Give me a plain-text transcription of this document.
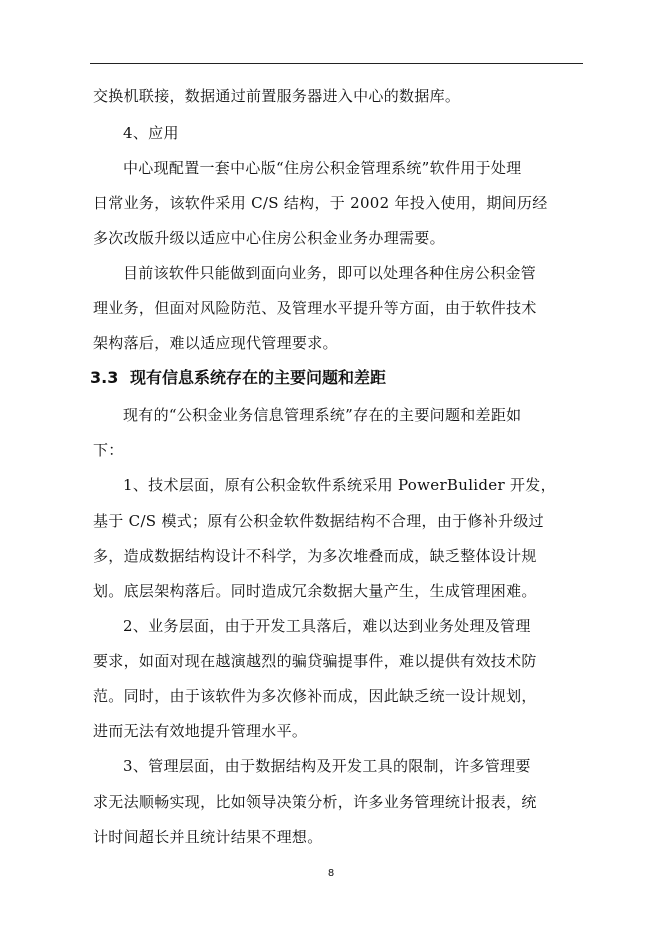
交换机联接，数据通过前置服务器进入中心的数据库。
4、应用
中心现配置一套中心版“住房公积金管理系统”软件用于处理
日常业务，该软件采用 C/S 结构，于 2002 年投入使用，期间历经
多次改版升级以适应中心住房公积金业务办理需要。
目前该软件只能做到面向业务，即可以处理各种住房公积金管
理业务，但面对风险防范、及管理水平提升等方面，由于软件技术
架构落后，难以适应现代管理要求。
3.3 现有信息系统存在的主要问题和差距
现有的“公积金业务信息管理系统”存在的主要问题和差距如
下：
1、技术层面，原有公积金软件系统采用 PowerBulider 开发，
基于 C/S 模式；原有公积金软件数据结构不合理，由于修补升级过
多，造成数据结构设计不科学，为多次堆叠而成，缺乏整体设计规
划。底层架构落后。同时造成冗余数据大量产生，生成管理困难。
2、业务层面，由于开发工具落后，难以达到业务处理及管理
要求，如面对现在越演越烈的骗贷骗提事件，难以提供有效技术防
范。同时，由于该软件为多次修补而成，因此缺乏统一设计规划，
进而无法有效地提升管理水平。
3、管理层面，由于数据结构及开发工具的限制，许多管理要
求无法顺畅实现，比如领导决策分析，许多业务管理统计报表，统
计时间超长并且统计结果不理想。
8
